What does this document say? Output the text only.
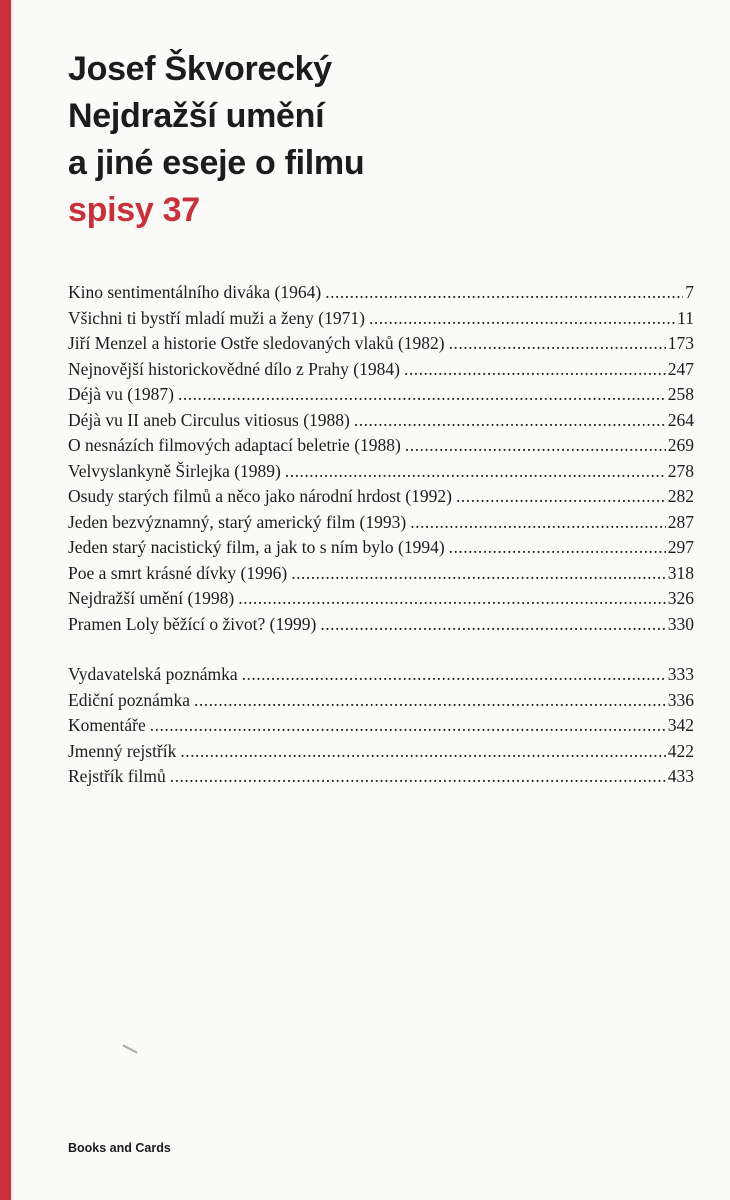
Josef Škvorecký
Nejdražší umění
a jiné eseje o filmu
spisy 37
Kino sentimentálního diváka (1964) .....	7
Všichni ti bystří mladí muži a ženy (1971) .....	11
Jiří Menzel a historie Ostře sledovaných vlaků (1982) .....	173
Nejnovější historickovědné dílo z Prahy (1984) .....	247
Déjà vu (1987) .....	258
Déjà vu II aneb Circulus vitiosus (1988) .....	264
O nesnázích filmových adaptací beletrie (1988) .....	269
Velvyslankyně Širlejka (1989) .....	278
Osudy starých filmů a něco jako národní hrdost (1992) .....	282
Jeden bezvýznamný, starý americký film (1993) .....	287
Jeden starý nacistický film, a jak to s ním bylo (1994) .....	297
Poe a smrt krásné dívky (1996) .....	318
Nejdražší umění (1998) .....	326
Pramen Loly běžící o život? (1999) .....	330
Vydavatelská poznámka .....	333
Ediční poznámka .....	336
Komentáře .....	342
Jmenný rejstřík .....	422
Rejstřík filmů .....	433
Books and Cards
